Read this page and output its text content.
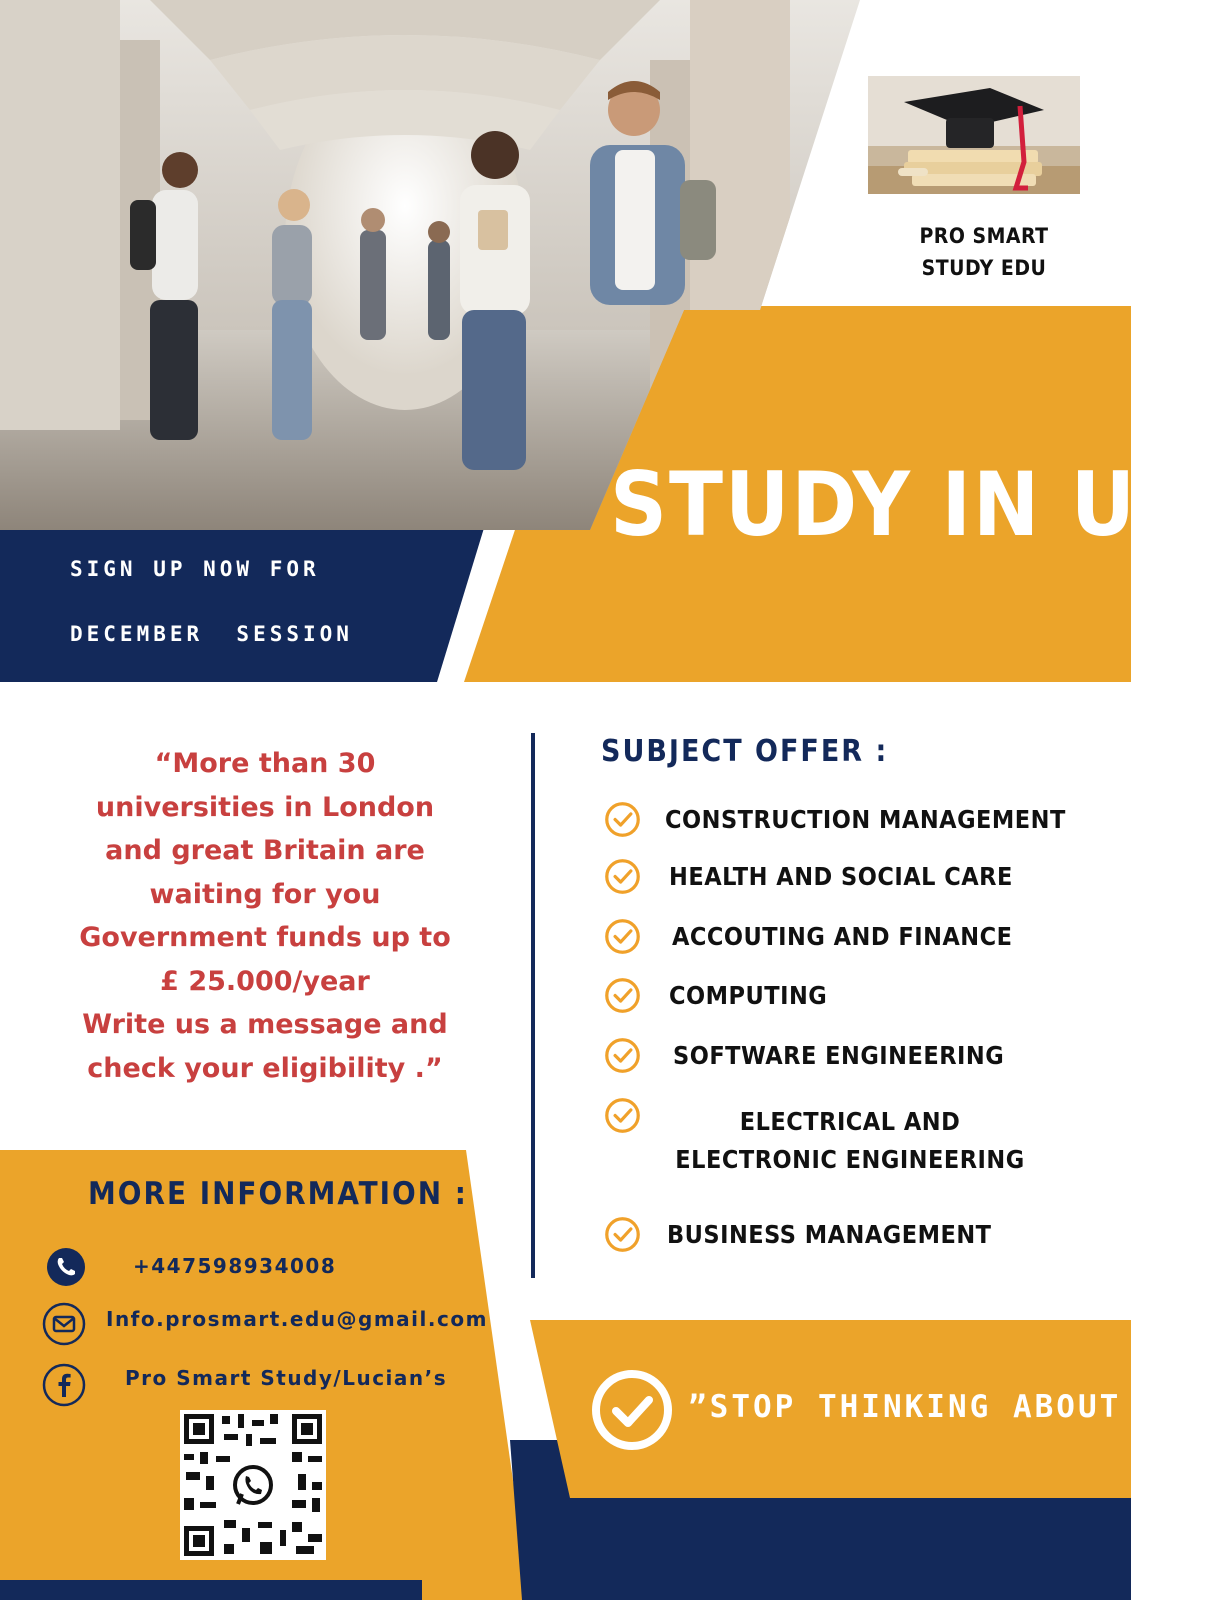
PRO SMART
STUDY EDU
STUDY IN UK
SIGN UP NOW FOR
DECEMBER  SESSION
“More than 30
universities in London
and great Britain are
waiting for you
Government funds up to
£ 25.000/year
Write us a message and
check your eligibility .”
SUBJECT OFFER :
CONSTRUCTION MANAGEMENT
HEALTH AND SOCIAL CARE
ACCOUTING AND FINANCE
COMPUTING
SOFTWARE ENGINEERING
ELECTRICAL AND ELECTRONIC ENGINEERING
BUSINESS MANAGEMENT
MORE INFORMATION :
+447598934008
Info.prosmart.edu@gmail.com
Pro Smart Study/Lucian’s
”STOP THINKING ABOUT IT!”
